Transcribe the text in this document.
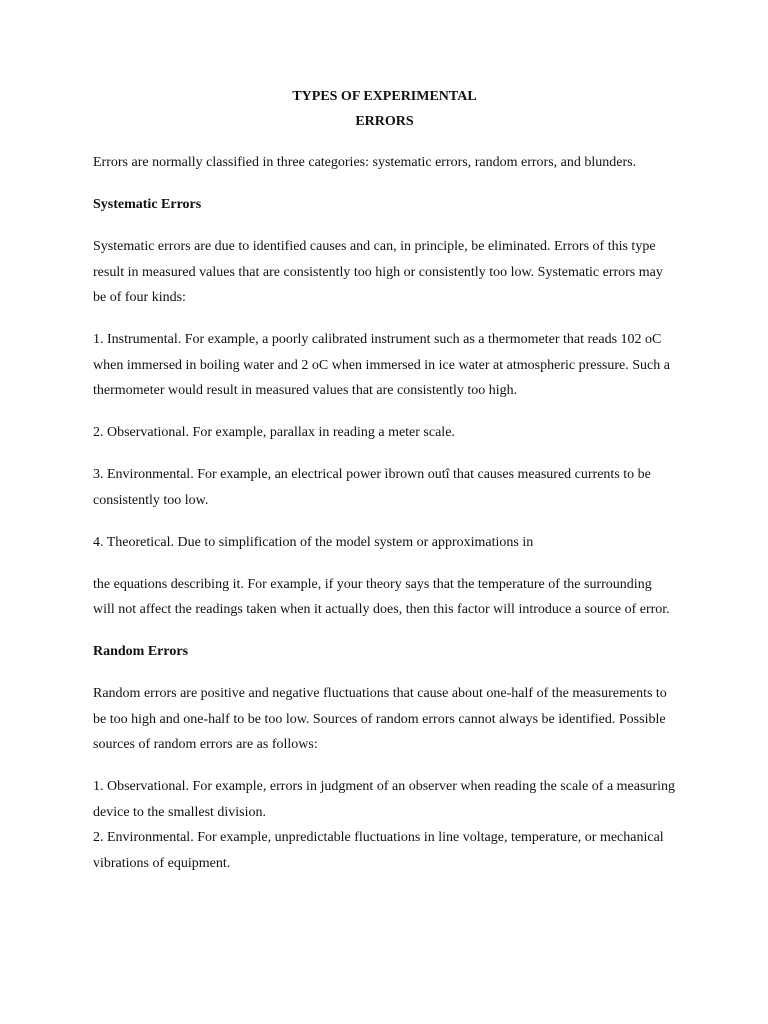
TYPES OF EXPERIMENTAL

ERRORS

Errors are normally classified in three categories: systematic errors, random errors, and blunders.

Systematic Errors

Systematic errors are due to identified causes and can, in principle, be eliminated. Errors of this type result in measured values that are consistently too high or consistently too low. Systematic errors may be of four kinds:

1. Instrumental. For example, a poorly calibrated instrument such as a thermometer that reads 102 oC when immersed in boiling water and 2 oC when immersed in ice water at atmospheric pressure. Such a thermometer would result in measured values that are consistently too high.

2. Observational. For example, parallax in reading a meter scale.

3. Environmental. For example, an electrical power ìbrown outî that causes measured currents to be consistently too low.

4. Theoretical. Due to simplification of the model system or approximations in

the equations describing it. For example, if your theory says that the temperature of the surrounding will not affect the readings taken when it actually does, then this factor will introduce a source of error.

Random Errors

Random errors are positive and negative fluctuations that cause about one-half of the measurements to be too high and one-half to be too low. Sources of random errors cannot always be identified. Possible sources of random errors are as follows:

1. Observational. For example, errors in judgment of an observer when reading the scale of a measuring device to the smallest division.

2. Environmental. For example, unpredictable fluctuations in line voltage, temperature, or mechanical vibrations of equipment.
